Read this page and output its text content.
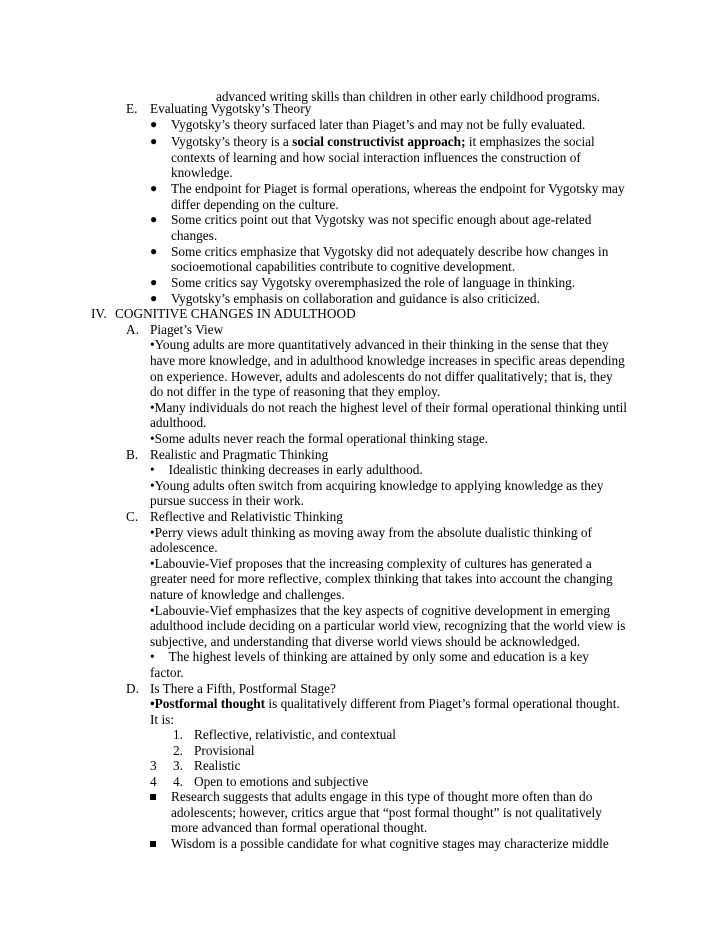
advanced writing skills than children in other early childhood programs.
E. Evaluating Vygotsky’s Theory
● Vygotsky’s theory surfaced later than Piaget’s and may not be fully evaluated.
● Vygotsky’s theory is a social constructivist approach; it emphasizes the social
contexts of learning and how social interaction influences the construction of
knowledge.
● The endpoint for Piaget is formal operations, whereas the endpoint for Vygotsky may
differ depending on the culture.
● Some critics point out that Vygotsky was not specific enough about age-related
changes.
● Some critics emphasize that Vygotsky did not adequately describe how changes in
socioemotional capabilities contribute to cognitive development.
● Some critics say Vygotsky overemphasized the role of language in thinking.
● Vygotsky’s emphasis on collaboration and guidance is also criticized.
IV. COGNITIVE CHANGES IN ADULTHOOD
A. Piaget’s View
•Young adults are more quantitatively advanced in their thinking in the sense that they
have more knowledge, and in adulthood knowledge increases in specific areas depending
on experience. However, adults and adolescents do not differ qualitatively; that is, they
do not differ in the type of reasoning that they employ.
•Many individuals do not reach the highest level of their formal operational thinking until
adulthood.
•Some adults never reach the formal operational thinking stage.
B. Realistic and Pragmatic Thinking
• Idealistic thinking decreases in early adulthood.
•Young adults often switch from acquiring knowledge to applying knowledge as they
pursue success in their work.
C. Reflective and Relativistic Thinking
•Perry views adult thinking as moving away from the absolute dualistic thinking of
adolescence.
•Labouvie-Vief proposes that the increasing complexity of cultures has generated a
greater need for more reflective, complex thinking that takes into account the changing
nature of knowledge and challenges.
•Labouvie-Vief emphasizes that the key aspects of cognitive development in emerging
adulthood include deciding on a particular world view, recognizing that the world view is
subjective, and understanding that diverse world views should be acknowledged.
• The highest levels of thinking are attained by only some and education is a key
factor.
D. Is There a Fifth, Postformal Stage?
•Postformal thought is qualitatively different from Piaget’s formal operational thought.
It is:
1. Reflective, relativistic, and contextual
2. Provisional
3 3. Realistic
4 4. Open to emotions and subjective
Research suggests that adults engage in this type of thought more often than do
adolescents; however, critics argue that “post formal thought” is not qualitatively
more advanced than formal operational thought.
Wisdom is a possible candidate for what cognitive stages may characterize middle
